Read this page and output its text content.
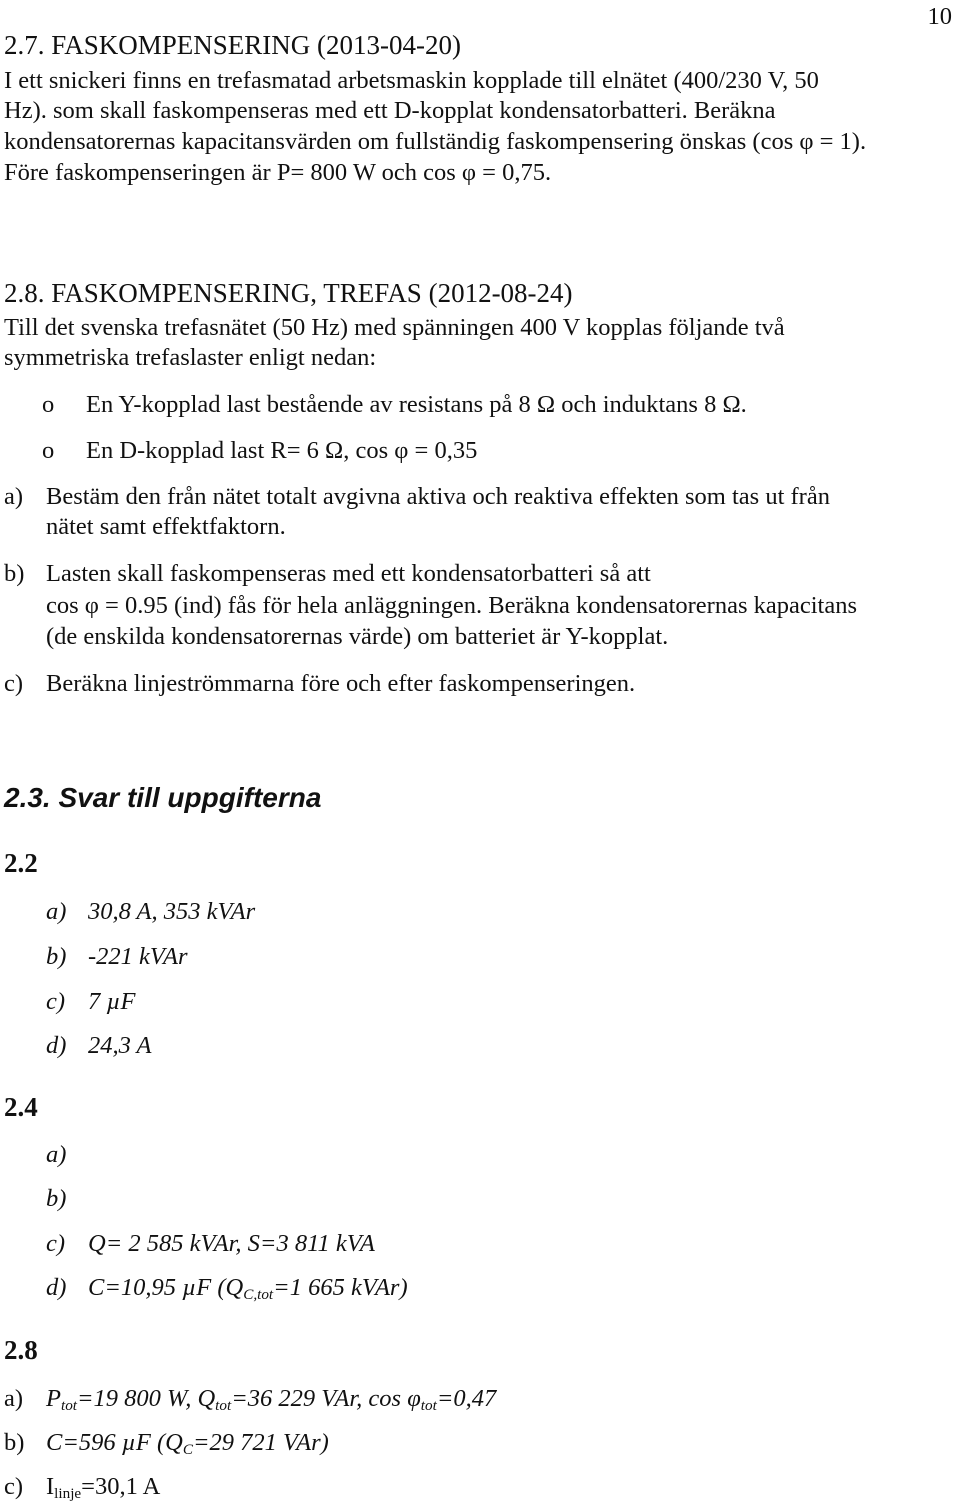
10
2.7. FASKOMPENSERING (2013-04-20)
I ett snickeri finns en trefasmatad arbetsmaskin kopplade till elnätet (400/230 V, 50
Hz). som skall faskompenseras med ett D-kopplat kondensatorbatteri. Beräkna
kondensatorernas kapacitansvärden om fullständig faskompensering önskas (cos φ = 1).
Före faskompenseringen är P= 800 W och cos φ = 0,75.
2.8. FASKOMPENSERING, TREFAS (2012-08-24)
Till det svenska trefasnätet (50 Hz) med spänningen 400 V kopplas följande två
symmetriska trefaslaster enligt nedan:
o En Y-kopplad last bestående av resistans på 8 Ω och induktans 8 Ω.
o En D-kopplad last R= 6 Ω, cos φ = 0,35
a) Bestäm den från nätet totalt avgivna aktiva och reaktiva effekten som tas ut från
nätet samt effektfaktorn.
b) Lasten skall faskompenseras med ett kondensatorbatteri så att
cos φ = 0.95 (ind) fås för hela anläggningen. Beräkna kondensatorernas kapacitans
(de enskilda kondensatorernas värde) om batteriet är Y-kopplat.
c) Beräkna linjeströmmarna före och efter faskompenseringen.
2.3. Svar till uppgifterna
2.2
a) 30,8 A, 353 kVAr
b) -221 kVAr
c) 7 µF
d) 24,3 A
2.4
a)
b)
c) Q= 2 585 kVAr, S=3 811 kVA
d) C=10,95 µF ($Q_{C,tot}=1$ 665 kVAr)
2.8
a) $P_{tot}=19$ 800 W, $Q_{tot}=36$ 229 VAr, $\cos \varphi_{tot}=0,47$
b) C=596 µF ($Q_C=29$ 721 VAr)
c) $I_{linje}=30,1$ A
